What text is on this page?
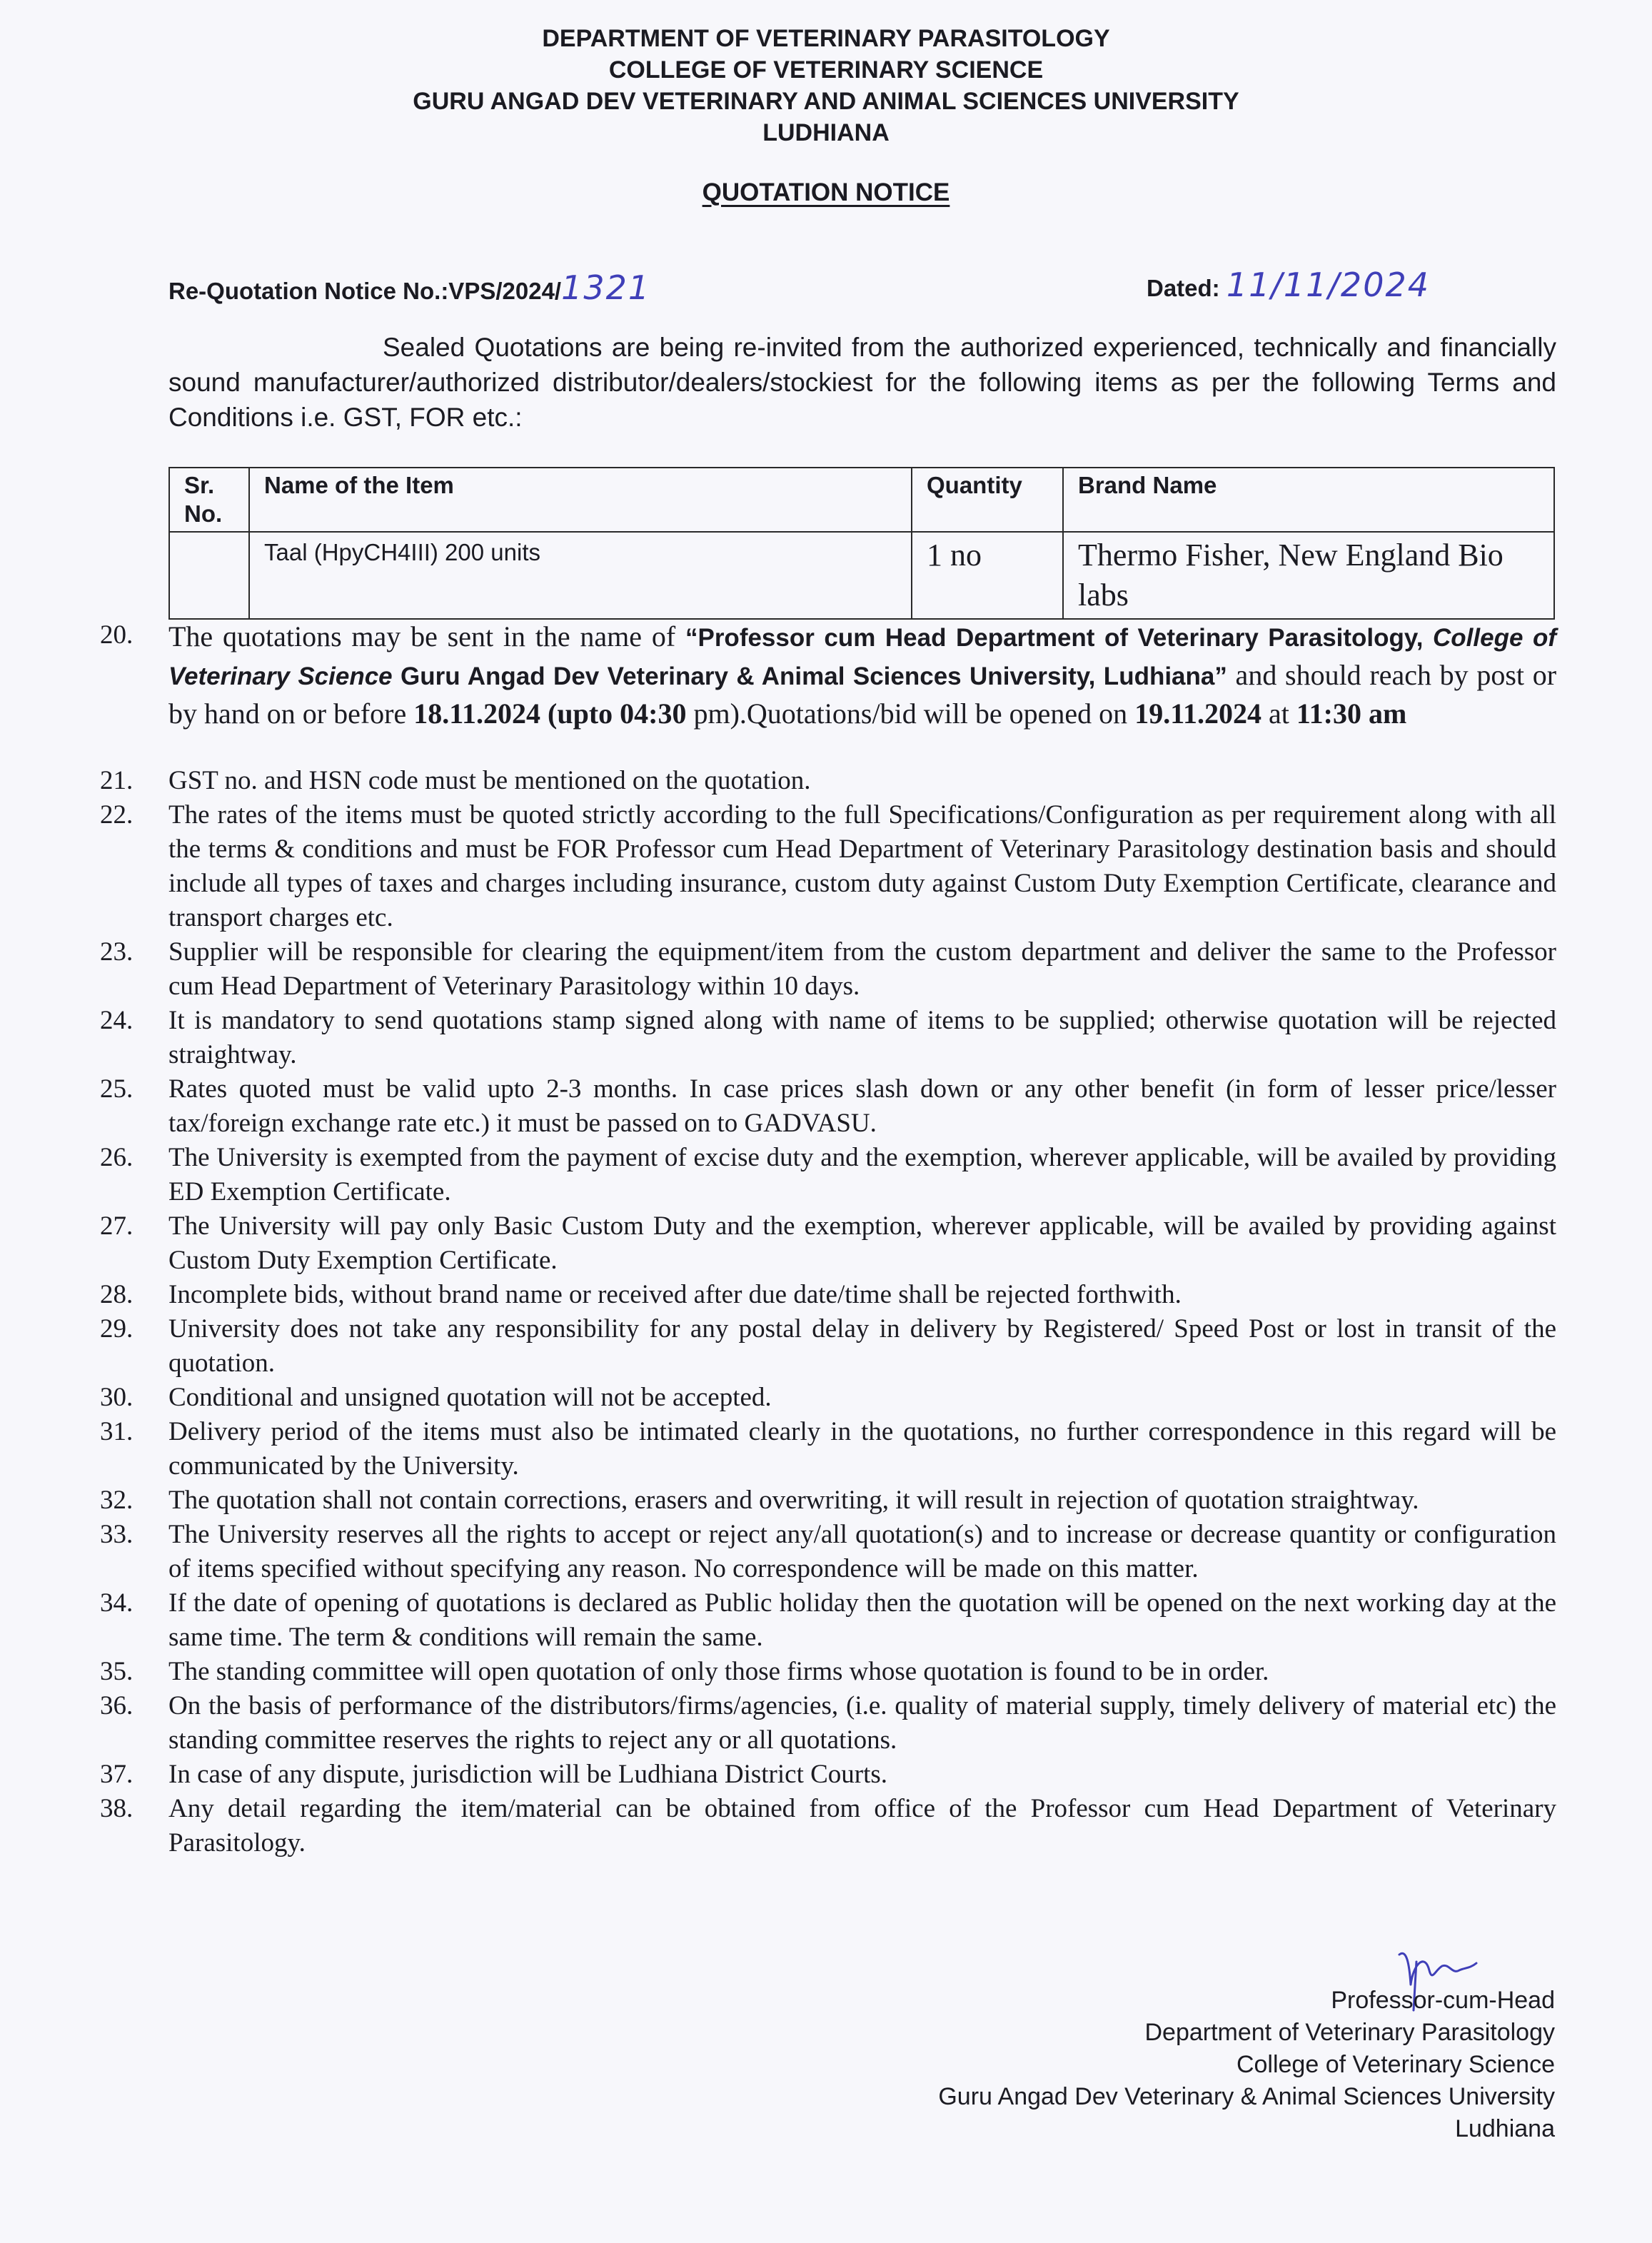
DEPARTMENT OF VETERINARY PARASITOLOGY
COLLEGE OF VETERINARY SCIENCE
GURU ANGAD DEV VETERINARY AND ANIMAL SCIENCES UNIVERSITY
LUDHIANA
QUOTATION NOTICE
Re-Quotation Notice No.:VPS/2024/1321	Dated: 11/11/2024
Sealed Quotations are being re-invited from the authorized experienced, technically and financially sound manufacturer/authorized distributor/dealers/stockiest for the following items as per the following Terms and Conditions i.e. GST, FOR etc.:
Sr. No.	Name of the Item	Quantity	Brand Name
	Taal (HpyCH4III) 200 units	1 no	Thermo Fisher, New England Bio labs
20.	The quotations may be sent in the name of “Professor cum Head Department of Veterinary Parasitology, College of Veterinary Science Guru Angad Dev Veterinary & Animal Sciences University, Ludhiana” and should reach by post or by hand on or before 18.11.2024 (upto 04:30 pm).Quotations/bid will be opened on 19.11.2024 at 11:30 am
21.	GST no. and HSN code must be mentioned on the quotation.
22.	The rates of the items must be quoted strictly according to the full Specifications/Configuration as per requirement along with all the terms & conditions and must be FOR Professor cum Head Department of Veterinary Parasitology destination basis and should include all types of taxes and charges including insurance, custom duty against Custom Duty Exemption Certificate, clearance and transport charges etc.
23.	Supplier will be responsible for clearing the equipment/item from the custom department and deliver the same to the Professor cum Head Department of Veterinary Parasitology within 10 days.
24.	It is mandatory to send quotations stamp signed along with name of items to be supplied; otherwise quotation will be rejected straightway.
25.	Rates quoted must be valid upto 2-3 months. In case prices slash down or any other benefit (in form of lesser price/lesser tax/foreign exchange rate etc.) it must be passed on to GADVASU.
26.	The University is exempted from the payment of excise duty and the exemption, wherever applicable, will be availed by providing ED Exemption Certificate.
27.	The University will pay only Basic Custom Duty and the exemption, wherever applicable, will be availed by providing against Custom Duty Exemption Certificate.
28.	Incomplete bids, without brand name or received after due date/time shall be rejected forthwith.
29.	University does not take any responsibility for any postal delay in delivery by Registered/ Speed Post or lost in transit of the quotation.
30.	Conditional and unsigned quotation will not be accepted.
31.	Delivery period of the items must also be intimated clearly in the quotations, no further correspondence in this regard will be communicated by the University.
32.	The quotation shall not contain corrections, erasers and overwriting, it will result in rejection of quotation straightway.
33.	The University reserves all the rights to accept or reject any/all quotation(s) and to increase or decrease quantity or configuration of items specified without specifying any reason. No correspondence will be made on this matter.
34.	If the date of opening of quotations is declared as Public holiday then the quotation will be opened on the next working day at the same time. The term & conditions will remain the same.
35.	The standing committee will open quotation of only those firms whose quotation is found to be in order.
36.	On the basis of performance of the distributors/firms/agencies, (i.e. quality of material supply, timely delivery of material etc) the standing committee reserves the rights to reject any or all quotations.
37.	In case of any dispute, jurisdiction will be Ludhiana District Courts.
38.	Any detail regarding the item/material can be obtained from office of the Professor cum Head Department of Veterinary Parasitology.
Professor-cum-Head
Department of Veterinary Parasitology
College of Veterinary Science
Guru Angad Dev Veterinary & Animal Sciences University
Ludhiana
